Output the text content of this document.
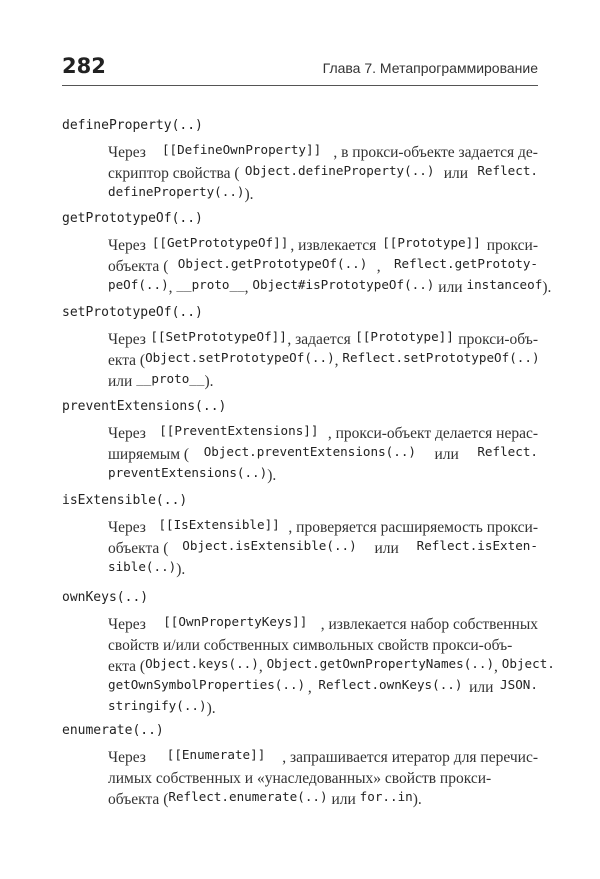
282	Глава 7. Метапрограммирование
defineProperty(..)
Через [[DefineOwnProperty]] , в прокси-объекте задается де-
скриптор свойства ( Object.defineProperty(..) или Reflect.
defineProperty(..) ).
getPrototypeOf(..)
Через [[GetPrototypeOf]] , извлекается [[Prototype]] прокси-
объекта ( Object.getPrototypeOf(..) , Reflect.getPrototy-
peOf(..) , __proto__ , Object#isPrototypeOf(..) или instanceof ).
setPrototypeOf(..)
Через [[SetPrototypeOf]] , задается [[Prototype]] прокси-объ-
екта ( Object.setPrototypeOf(..) , Reflect.setPrototypeOf(..)
или __proto__ ).
preventExtensions(..)
Через [[PreventExtensions]] , прокси-объект делается нерас-
ширяемым ( Object.preventExtensions(..) или Reflect.
preventExtensions(..) ).
isExtensible(..)
Через [[IsExtensible]] , проверяется расширяемость прокси-
объекта ( Object.isExtensible(..) или Reflect.isExten-
sible(..) ).
ownKeys(..)
Через [[OwnPropertyKeys]] , извлекается набор собственных
свойств и/или собственных символьных свойств прокси-объ-
екта ( Object.keys(..) , Object.getOwnPropertyNames(..) , Object.
getOwnSymbolProperties(..) , Reflect.ownKeys(..) или JSON.
stringify(..) ).
enumerate(..)
Через [[Enumerate]] , запрашивается итератор для перечис-
лимых собственных и «унаследованных» свойств прокси-
объекта ( Reflect.enumerate(..) или for..in ).
